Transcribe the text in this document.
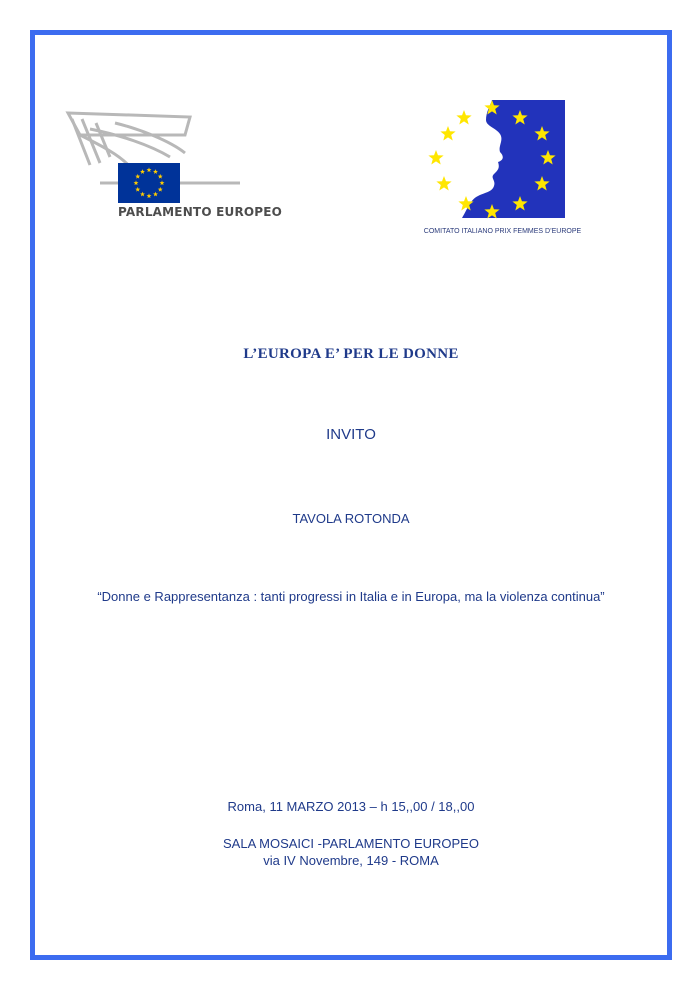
PARLAMENTO EUROPEO
COMITATO ITALIANO PRIX FEMMES D’EUROPE
L’EUROPA E’ PER LE DONNE
INVITO
TAVOLA ROTONDA
“Donne e Rappresentanza : tanti progressi in Italia e in Europa, ma la violenza continua”
Roma, 11 MARZO 2013 – h 15,,00 / 18,,00
SALA MOSAICI -PARLAMENTO EUROPEO
via IV Novembre, 149 - ROMA
